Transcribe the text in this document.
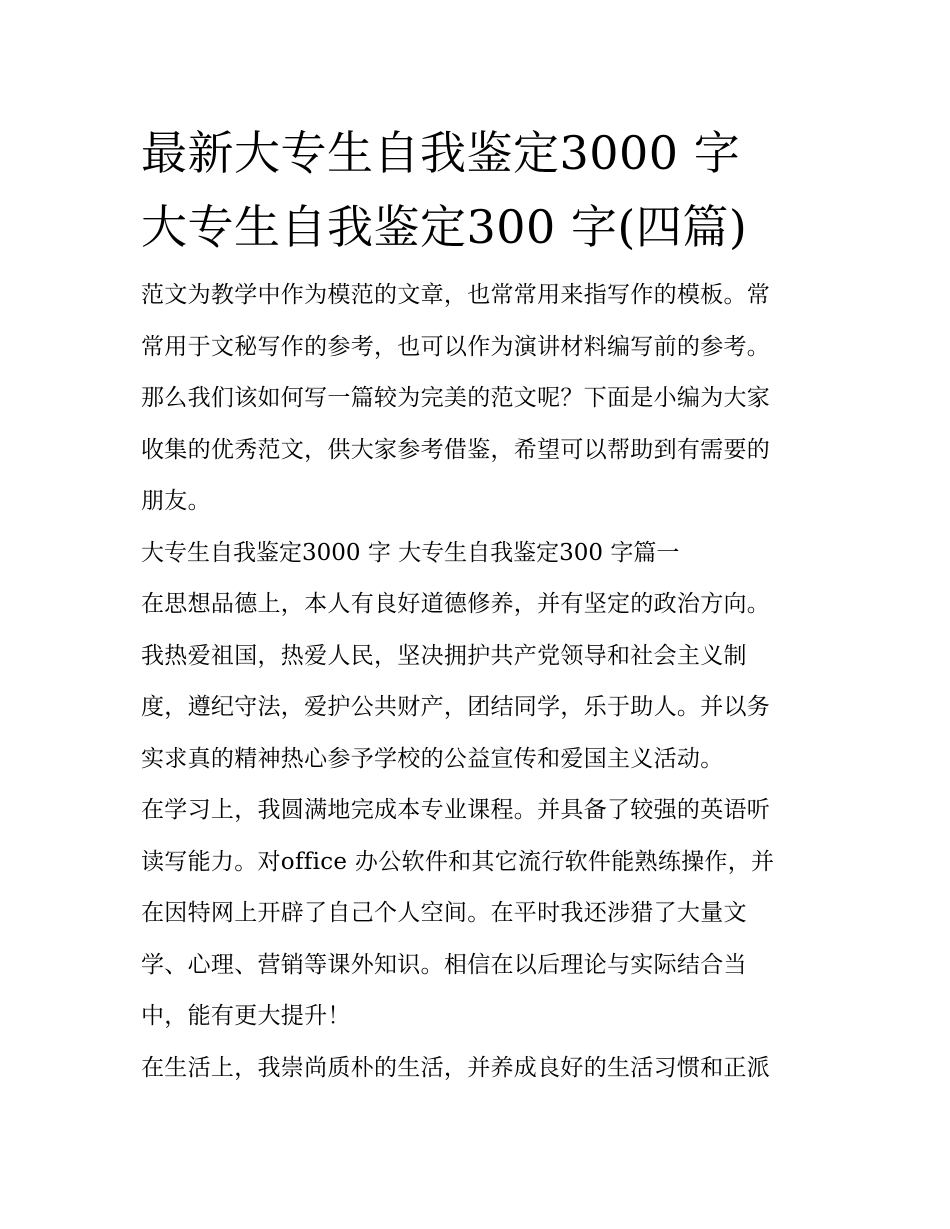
最新大专生自我鉴定3000 字
大专生自我鉴定300 字(四篇)

范文为教学中作为模范的文章，也常常用来指写作的模板。常
常用于文秘写作的参考，也可以作为演讲材料编写前的参考。
那么我们该如何写一篇较为完美的范文呢？下面是小编为大家
收集的优秀范文，供大家参考借鉴，希望可以帮助到有需要的
朋友。

大专生自我鉴定3000 字 大专生自我鉴定300 字篇一

在思想品德上，本人有良好道德修养，并有坚定的政治方向。
我热爱祖国，热爱人民，坚决拥护共产党领导和社会主义制
度，遵纪守法，爱护公共财产，团结同学，乐于助人。并以务
实求真的精神热心参予学校的公益宣传和爱国主义活动。

在学习上，我圆满地完成本专业课程。并具备了较强的英语听
读写能力。对office 办公软件和其它流行软件能熟练操作，并
在因特网上开辟了自己个人空间。在平时我还涉猎了大量文
学、心理、营销等课外知识。相信在以后理论与实际结合当
中，能有更大提升！

在生活上，我崇尚质朴的生活，并养成良好的生活习惯和正派
